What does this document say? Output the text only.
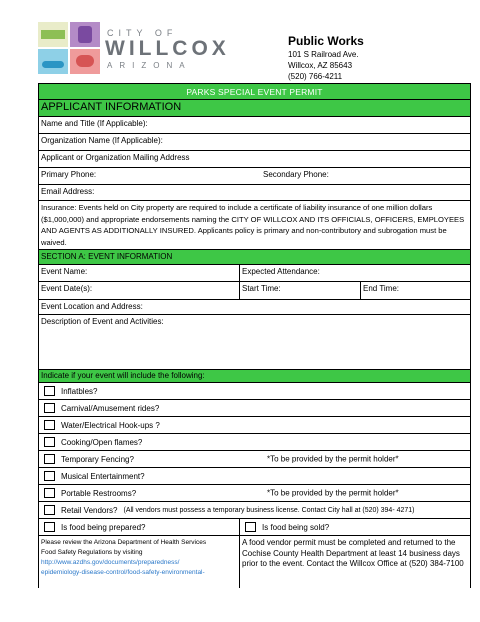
CITY OF
WILLCOX
ARIZONA
Public Works
101 S Railroad Ave.
Willcox, AZ 85643
(520) 766-4211
PARKS SPECIAL EVENT PERMIT
APPLICANT INFORMATION
Name and Title (If Applicable):
Organization Name (If Applicable):
Applicant or Organization Mailing Address
Primary Phone:	Secondary Phone:
Email Address:
Insurance: Events held on City property are required to include a certificate of liability insurance of one million dollars ($1,000,000) and appropriate endorsements naming the CITY OF WILLCOX AND ITS OFFICIALS, OFFICERS, EMPLOYEES AND AGENTS AS ADDITIONALLY INSURED. Applicants policy is primary and non-contributory and subrogation must be waived.
SECTION A: EVENT INFORMATION
Event Name:	Expected Attendance:
Event Date(s):	Start Time:	End Time:
Event Location and Address:
Description of Event and Activities:
Indicate if your event will include the following:
Inflatbles?
Carnival/Amusement rides?
Water/Electrical Hook-ups ?
Cooking/Open flames?
Temporary Fencing?	*To be provided by the permit holder*
Musical Entertainment?
Portable Restrooms?	*To be provided by the permit holder*
Retail Vendors? (All vendors must possess a temporary business license. Contact City hall at (520) 394- 4271)
Is food being prepared?	Is food being sold?
Please review the Arizona Department of Health Services
Food Safety Regulations by visiting
http://www.azdhs.gov/documents/preparedness/
epidemiology-disease-control/food-safety-environmental-
A food vendor permit must be completed and returned to the Cochise County Health Department at least 14 business days prior to the event. Contact the Willcox Office at (520) 384-7100
